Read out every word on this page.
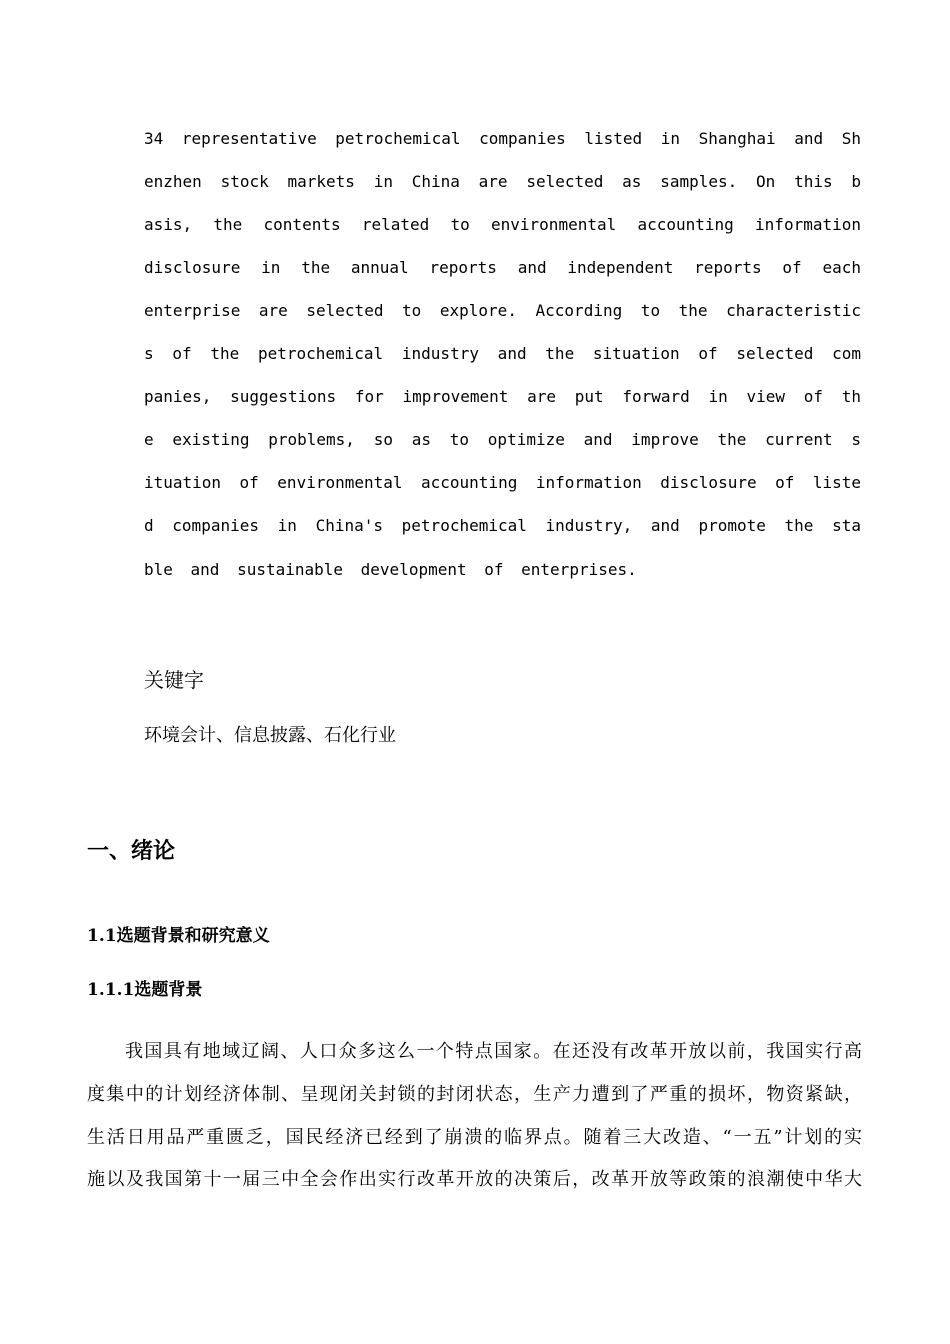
34 representative petrochemical companies listed in Shanghai and Sh

enzhen stock markets in China are selected as samples. On this b

asis, the contents related to environmental accounting information

disclosure in the annual reports and independent reports of each

enterprise are selected to explore. According to the characteristic

s of the petrochemical industry and the situation of selected com

panies, suggestions for improvement are put forward in view of th

e existing problems, so as to optimize and improve the current s

ituation of environmental accounting information disclosure of liste

d companies in China's petrochemical industry, and promote the sta

ble and sustainable development of enterprises.

关键字

环境会计、信息披露、石化行业

一、绪论
1.1选题背景和研究意义
1.1.1选题背景

我国具有地域辽阔、人口众多这么一个特点国家。在还没有改革开放以前，我国实行高

度集中的计划经济体制、呈现闭关封锁的封闭状态，生产力遭到了严重的损坏，物资紧缺，

生活日用品严重匮乏，国民经济已经到了崩溃的临界点。随着三大改造、“一五”计划的实

施以及我国第十一届三中全会作出实行改革开放的决策后，改革开放等政策的浪潮使中华大
